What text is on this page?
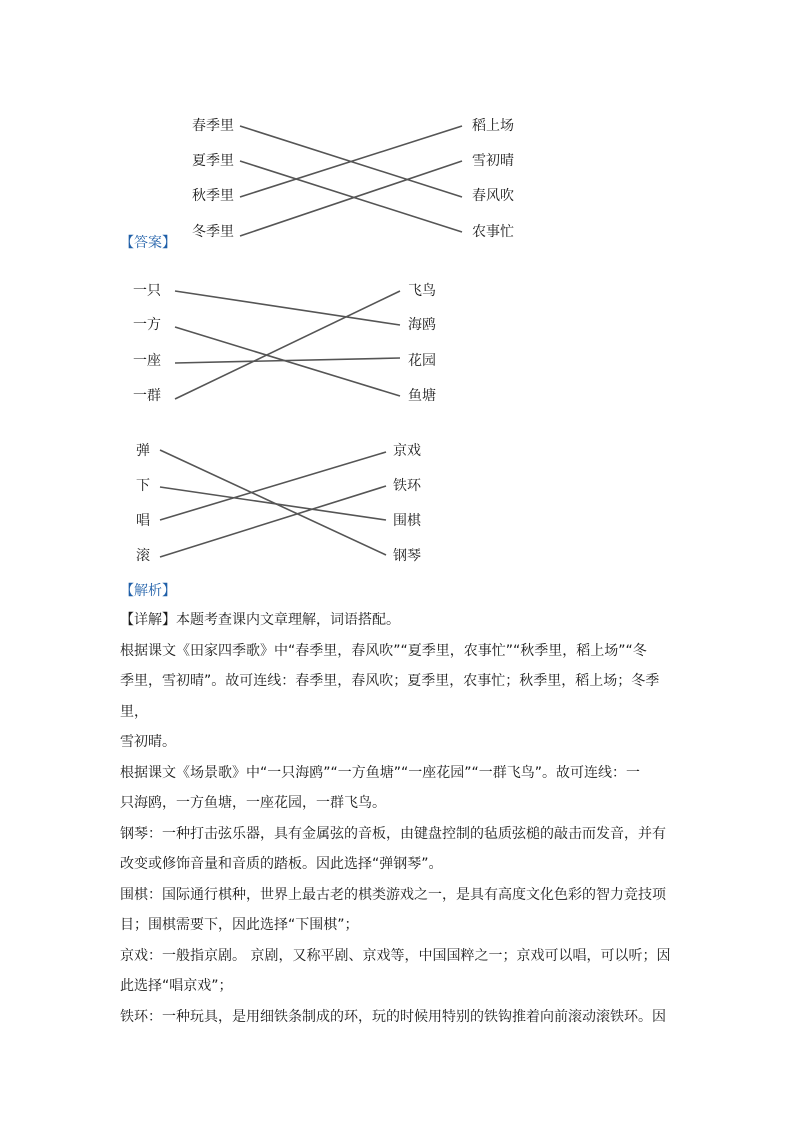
春季里
夏季里
秋季里
冬季里
稻上场
雪初晴
春风吹
农事忙
【答案】
一只
一方
一座
一群
飞鸟
海鸥
花园
鱼塘
弹
下
唱
滚
京戏
铁环
围棋
钢琴
【解析】

【详解】本题考查课内文章理解，词语搭配。

根据课文《田家四季歌》中“春季里，春风吹”“夏季里，农事忙”“秋季里，稻上场”“冬

季里，雪初晴”。故可连线：春季里，春风吹；夏季里，农事忙；秋季里，稻上场；冬季里，

雪初晴。

根据课文《场景歌》中“一只海鸥”“一方鱼塘”“一座花园”“一群飞鸟”。故可连线：一

只海鸥，一方鱼塘，一座花园，一群飞鸟。

钢琴：一种打击弦乐器，具有金属弦的音板，由键盘控制的毡质弦槌的敲击而发音，并有

改变或修饰音量和音质的踏板。因此选择“弹钢琴”。

围棋：国际通行棋种，世界上最古老的棋类游戏之一，是具有高度文化色彩的智力竞技项

目；围棋需要下，因此选择“下围棋”；

京戏：一般指京剧。 京剧，又称平剧、京戏等，中国国粹之一；京戏可以唱，可以听；因

此选择“唱京戏”；

铁环：一种玩具，是用细铁条制成的环，玩的时候用特别的铁钩推着向前滚动滚铁环。因
